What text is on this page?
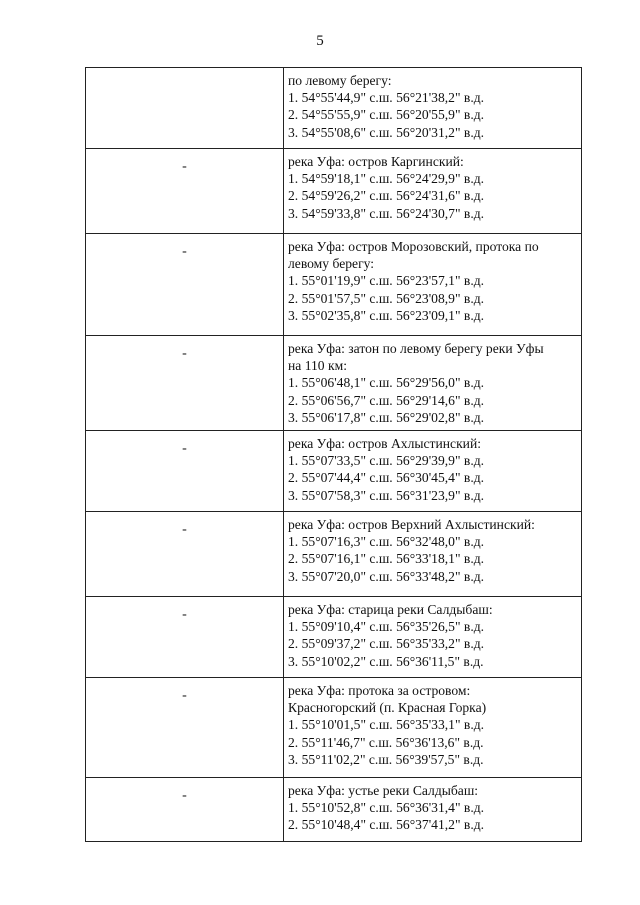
5

	по левому берегу:
1. 54°55'44,9" с.ш. 56°21'38,2" в.д.
2. 54°55'55,9" с.ш. 56°20'55,9" в.д.
3. 54°55'08,6" с.ш. 56°20'31,2" в.д.

-	река Уфа: остров Каргинский:
1. 54°59'18,1" с.ш. 56°24'29,9" в.д.
2. 54°59'26,2" с.ш. 56°24'31,6" в.д.
3. 54°59'33,8" с.ш. 56°24'30,7" в.д.

-	река Уфа: остров Морозовский, протока по
левому берегу:
1. 55°01'19,9" с.ш. 56°23'57,1" в.д.
2. 55°01'57,5" с.ш. 56°23'08,9" в.д.
3. 55°02'35,8" с.ш. 56°23'09,1" в.д.

-	река Уфа: затон по левому берегу реки Уфы
на 110 км:
1. 55°06'48,1" с.ш. 56°29'56,0" в.д.
2. 55°06'56,7" с.ш. 56°29'14,6" в.д.
3. 55°06'17,8" с.ш. 56°29'02,8" в.д.

-	река Уфа: остров Ахлыстинский:
1. 55°07'33,5" с.ш. 56°29'39,9" в.д.
2. 55°07'44,4" с.ш. 56°30'45,4" в.д.
3. 55°07'58,3" с.ш. 56°31'23,9" в.д.

-	река Уфа: остров Верхний Ахлыстинский:
1. 55°07'16,3" с.ш. 56°32'48,0" в.д.
2. 55°07'16,1" с.ш. 56°33'18,1" в.д.
3. 55°07'20,0" с.ш. 56°33'48,2" в.д.

-	река Уфа: старица реки Салдыбаш:
1. 55°09'10,4" с.ш. 56°35'26,5" в.д.
2. 55°09'37,2" с.ш. 56°35'33,2" в.д.
3. 55°10'02,2" с.ш. 56°36'11,5" в.д.

-	река Уфа: протока за островом:
Красногорский (п. Красная Горка)
1. 55°10'01,5" с.ш. 56°35'33,1" в.д.
2. 55°11'46,7" с.ш. 56°36'13,6" в.д.
3. 55°11'02,2" с.ш. 56°39'57,5" в.д.

-	река Уфа: устье реки Салдыбаш:
1. 55°10'52,8" с.ш. 56°36'31,4" в.д.
2. 55°10'48,4" с.ш. 56°37'41,2" в.д.
